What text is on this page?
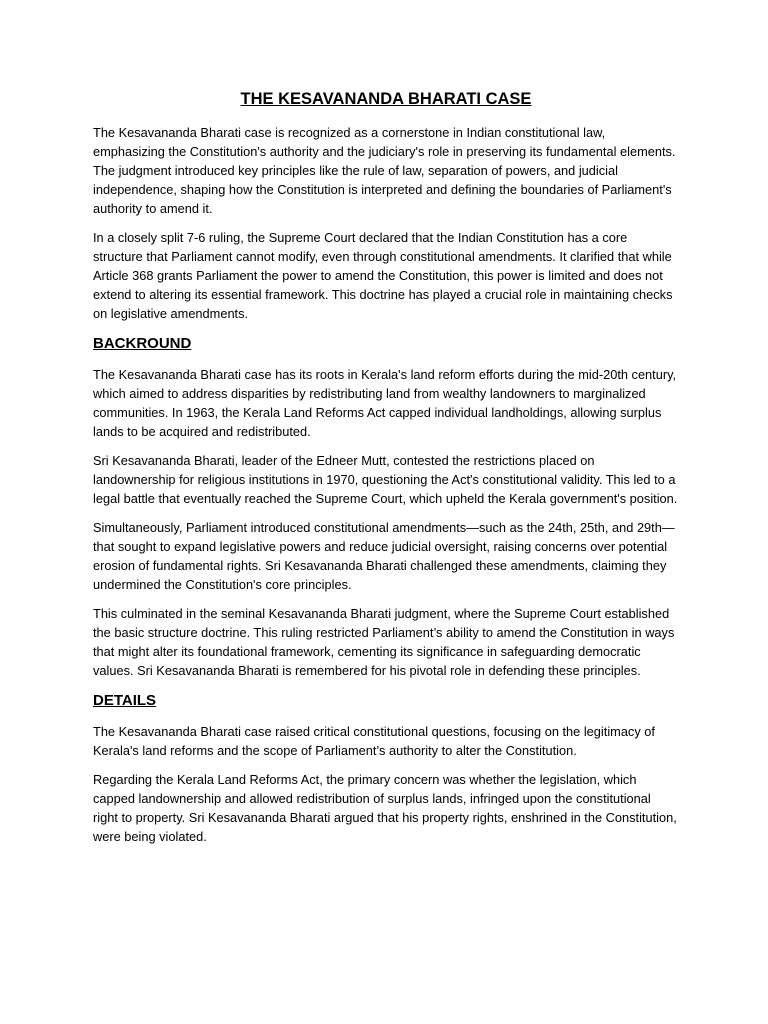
THE KESAVANANDA BHARATI CASE

The Kesavananda Bharati case is recognized as a cornerstone in Indian constitutional law, emphasizing the Constitution's authority and the judiciary's role in preserving its fundamental elements. The judgment introduced key principles like the rule of law, separation of powers, and judicial independence, shaping how the Constitution is interpreted and defining the boundaries of Parliament's authority to amend it.

In a closely split 7-6 ruling, the Supreme Court declared that the Indian Constitution has a core structure that Parliament cannot modify, even through constitutional amendments. It clarified that while Article 368 grants Parliament the power to amend the Constitution, this power is limited and does not extend to altering its essential framework. This doctrine has played a crucial role in maintaining checks on legislative amendments.

BACKROUND

The Kesavananda Bharati case has its roots in Kerala's land reform efforts during the mid-20th century, which aimed to address disparities by redistributing land from wealthy landowners to marginalized communities. In 1963, the Kerala Land Reforms Act capped individual landholdings, allowing surplus lands to be acquired and redistributed.

Sri Kesavananda Bharati, leader of the Edneer Mutt, contested the restrictions placed on landownership for religious institutions in 1970, questioning the Act's constitutional validity. This led to a legal battle that eventually reached the Supreme Court, which upheld the Kerala government's position.

Simultaneously, Parliament introduced constitutional amendments—such as the 24th, 25th, and 29th—that sought to expand legislative powers and reduce judicial oversight, raising concerns over potential erosion of fundamental rights. Sri Kesavananda Bharati challenged these amendments, claiming they undermined the Constitution's core principles.

This culminated in the seminal Kesavananda Bharati judgment, where the Supreme Court established the basic structure doctrine. This ruling restricted Parliament’s ability to amend the Constitution in ways that might alter its foundational framework, cementing its significance in safeguarding democratic values. Sri Kesavananda Bharati is remembered for his pivotal role in defending these principles.

DETAILS

The Kesavananda Bharati case raised critical constitutional questions, focusing on the legitimacy of Kerala's land reforms and the scope of Parliament’s authority to alter the Constitution.

Regarding the Kerala Land Reforms Act, the primary concern was whether the legislation, which capped landownership and allowed redistribution of surplus lands, infringed upon the constitutional right to property. Sri Kesavananda Bharati argued that his property rights, enshrined in the Constitution, were being violated.
